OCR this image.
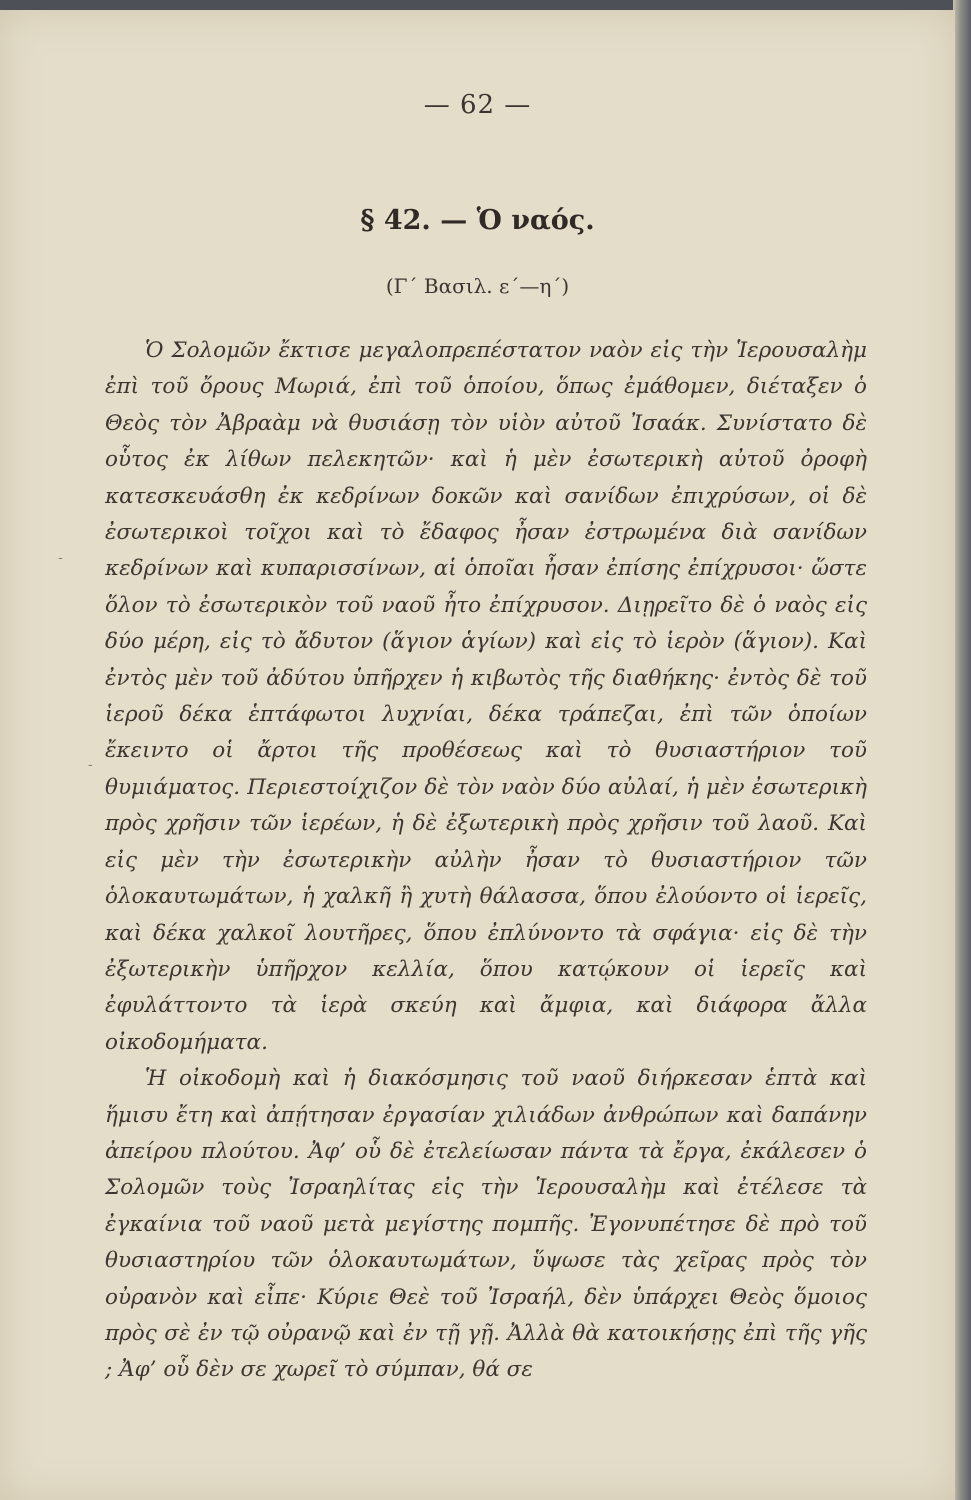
— 62 —
§ 42. — Ὁ ναός.
(Γ΄ Βασιλ. ε΄—η΄)

Ὁ Σολομῶν ἔκτισε μεγαλοπρεπέστατον ναὸν εἰς τὴν Ἱερουσαλὴμ ἐπὶ τοῦ ὄρους Μωριά, ἐπὶ τοῦ ὁποίου, ὅπως ἐμάθομεν, διέταξεν ὁ Θεὸς τὸν Ἀβραὰμ νὰ θυσιάσῃ τὸν υἱὸν αὐτοῦ Ἰσαάκ. Συνίστατο δὲ οὗτος ἐκ λίθων πελεκητῶν· καὶ ἡ μὲν ἐσωτερικὴ αὐτοῦ ὀροφὴ κατεσκευάσθη ἐκ κεδρίνων δοκῶν καὶ σανίδων ἐπιχρύσων, οἱ δὲ ἐσωτερικοὶ τοῖχοι καὶ τὸ ἔδαφος ἦσαν ἐστρωμένα διὰ σανίδων κεδρίνων καὶ κυπαρισσίνων, αἱ ὁποῖαι ἦσαν ἐπίσης ἐπίχρυσοι· ὥστε ὅλον τὸ ἐσωτερικὸν τοῦ ναοῦ ἦτο ἐπίχρυσον. Διῃρεῖτο δὲ ὁ ναὸς εἰς δύο μέρη, εἰς τὸ ἄδυτον (ἅγιον ἁγίων) καὶ εἰς τὸ ἱερὸν (ἅγιον). Καὶ ἐντὸς μὲν τοῦ ἀδύτου ὑπῆρχεν ἡ κιβωτὸς τῆς διαθήκης· ἐντὸς δὲ τοῦ ἱεροῦ δέκα ἑπτάφωτοι λυχνίαι, δέκα τράπεζαι, ἐπὶ τῶν ὁποίων ἔκειντο οἱ ἄρτοι τῆς προθέσεως καὶ τὸ θυσιαστήριον τοῦ θυμιάματος. Περιεστοίχιζον δὲ τὸν ναὸν δύο αὐλαί, ἡ μὲν ἐσωτερικὴ πρὸς χρῆσιν τῶν ἱερέων, ἡ δὲ ἐξωτερικὴ πρὸς χρῆσιν τοῦ λαοῦ. Καὶ εἰς μὲν τὴν ἐσωτερικὴν αὐλὴν ἦσαν τὸ θυσιαστήριον τῶν ὁλοκαυτωμάτων, ἡ χαλκῆ ἢ χυτὴ θάλασσα, ὅπου ἐλούοντο οἱ ἱερεῖς, καὶ δέκα χαλκοῖ λουτῆρες, ὅπου ἐπλύνοντο τὰ σφάγια· εἰς δὲ τὴν ἐξωτερικὴν ὑπῆρχον κελλία, ὅπου κατῴκουν οἱ ἱερεῖς καὶ ἐφυλάττοντο τὰ ἱερὰ σκεύη καὶ ἄμφια, καὶ διάφορα ἄλλα οἰκοδομήματα.

Ἡ οἰκοδομὴ καὶ ἡ διακόσμησις τοῦ ναοῦ διήρκεσαν ἑπτὰ καὶ ἥμισυ ἔτη καὶ ἀπῄτησαν ἐργασίαν χιλιάδων ἀνθρώπων καὶ δαπάνην ἀπείρου πλούτου. Ἀφ’ οὗ δὲ ἐτελείωσαν πάντα τὰ ἔργα, ἐκάλεσεν ὁ Σολομῶν τοὺς Ἰσραηλίτας εἰς τὴν Ἱερουσαλὴμ καὶ ἐτέλεσε τὰ ἐγκαίνια τοῦ ναοῦ μετὰ μεγίστης πομπῆς. Ἐγονυπέτησε δὲ πρὸ τοῦ θυσιαστηρίου τῶν ὁλοκαυτωμάτων, ὕψωσε τὰς χεῖρας πρὸς τὸν οὐρανὸν καὶ εἶπε· Κύριε Θεὲ τοῦ Ἰσραήλ, δὲν ὑπάρχει Θεὸς ὅμοιος πρὸς σὲ ἐν τῷ οὐρανῷ καὶ ἐν τῇ γῇ. Ἀλλὰ θὰ κατοικήσῃς ἐπὶ τῆς γῆς ; Ἀφ’ οὗ δὲν σε χωρεῖ τὸ σύμπαν, θά σε

-
-
